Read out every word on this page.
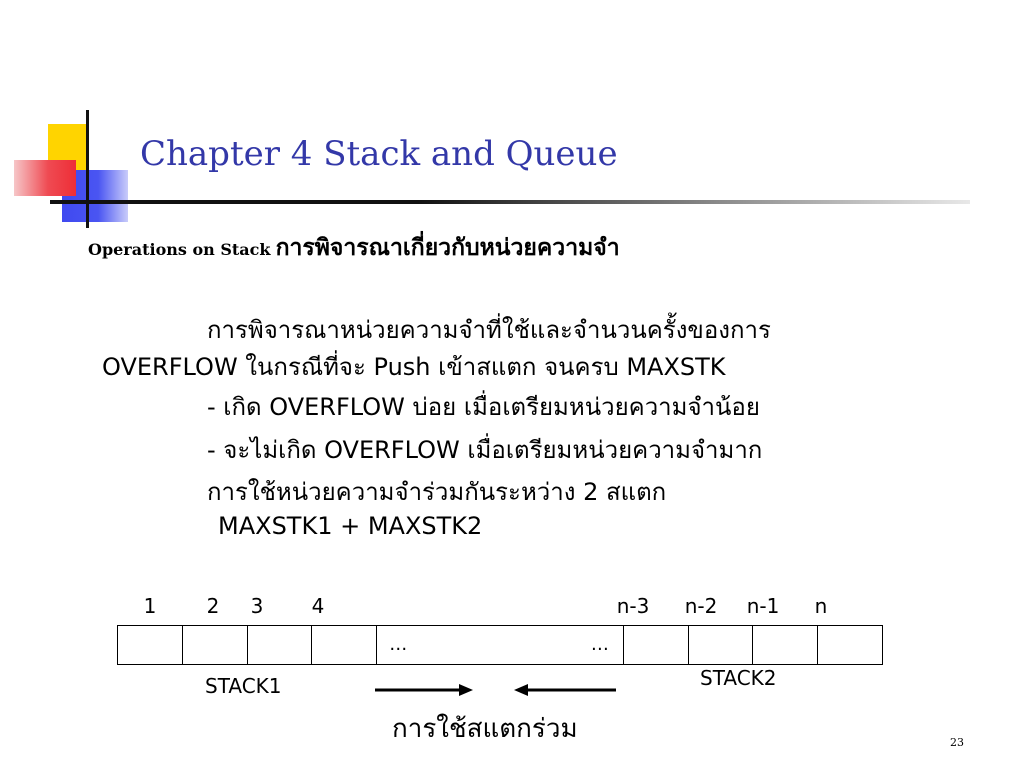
Chapter 4 Stack and Queue
Operations on Stack การพิจารณาเกี่ยวกับหน่วยความจำ
การพิจารณาหน่วยความจำที่ใช้และจำนวนครั้งของการ
OVERFLOW ในกรณีที่จะ Push เข้าสแตก จนครบ MAXSTK
- เกิด OVERFLOW บ่อย เมื่อเตรียมหน่วยความจำน้อย
- จะไม่เกิด OVERFLOW เมื่อเตรียมหน่วยความจำมาก
การใช้หน่วยความจำร่วมกันระหว่าง 2 สแตก
MAXSTK1 + MAXSTK2
1	2	3	4	n-3 n-2 n-1	n
…	…
STACK1	STACK2
การใช้สแตกร่วม	23
